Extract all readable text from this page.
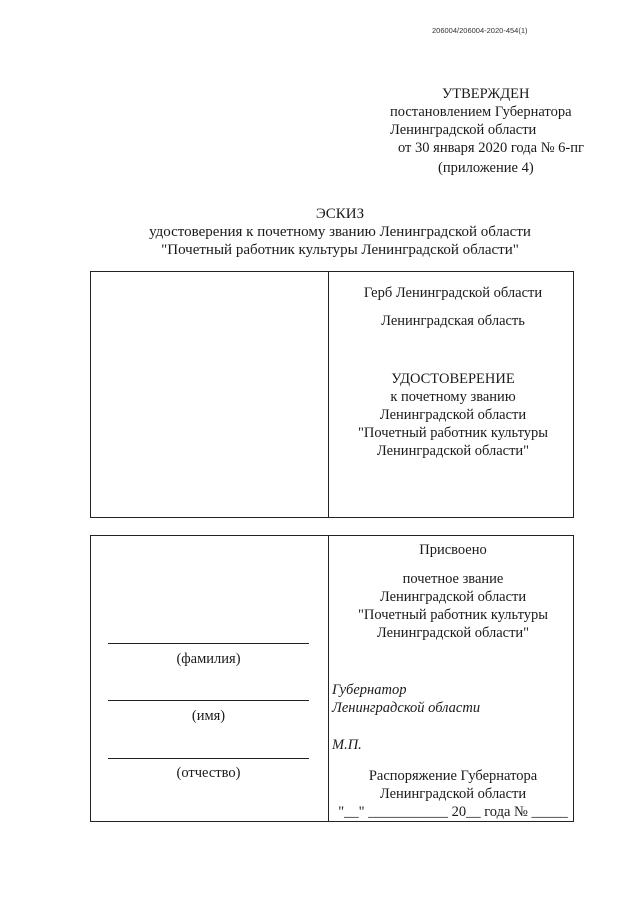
206004/206004-2020-454(1)
УТВЕРЖДЕН
постановлением Губернатора
Ленинградской области
от 30 января 2020 года № 6-пг
(приложение 4)
ЭСКИЗ
удостоверения к почетному званию Ленинградской области
"Почетный работник культуры Ленинградской области"
Герб Ленинградской области
Ленинградская область
УДОСТОВЕРЕНИЕ
к почетному званию
Ленинградской области
"Почетный работник культуры
Ленинградской области"
(фамилия)
(имя)
(отчество)
Присвоено
почетное звание
Ленинградской области
"Почетный работник культуры
Ленинградской области"
Губернатор
Ленинградской области
М.П.
Распоряжение Губернатора
Ленинградской области
"__" ___________ 20__ года № _____
